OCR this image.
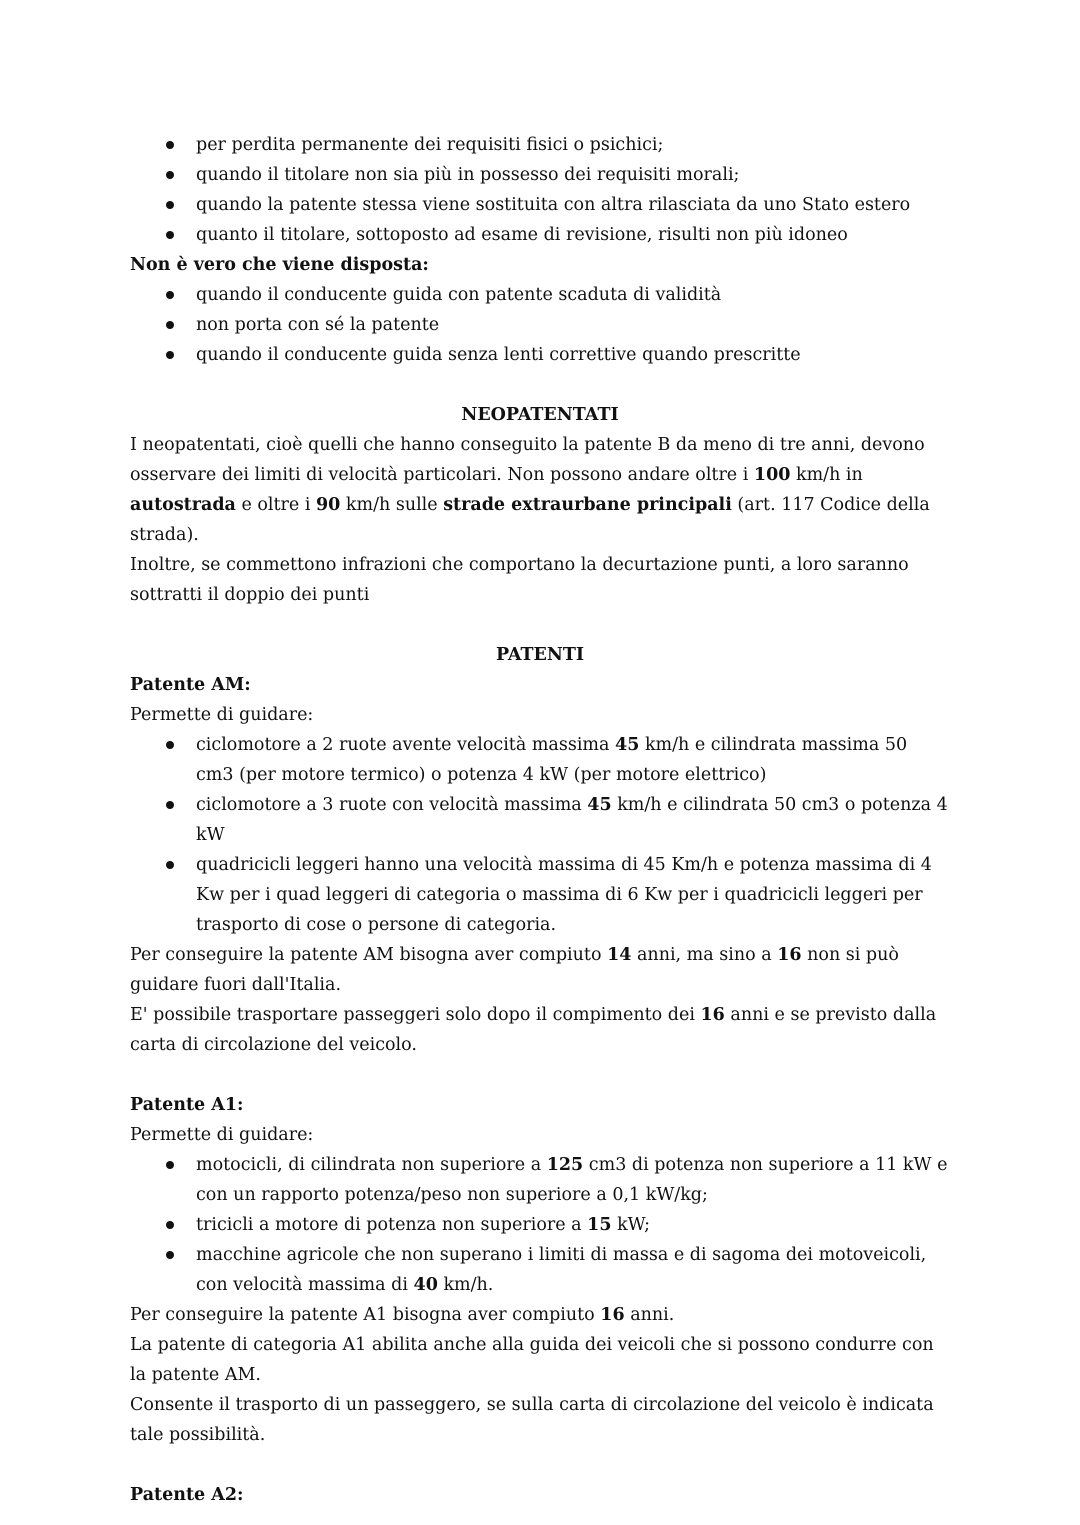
per perdita permanente dei requisiti fisici o psichici;
quando il titolare non sia più in possesso dei requisiti morali;
quando la patente stessa viene sostituita con altra rilasciata da uno Stato estero
quanto il titolare, sottoposto ad esame di revisione, risulti non più idoneo

Non è vero che viene disposta:

quando il conducente guida con patente scaduta di validità
non porta con sé la patente
quando il conducente guida senza lenti correttive quando prescritte

NEOPATENTATI

I neopatentati, cioè quelli che hanno conseguito la patente B da meno di tre anni, devono osservare dei limiti di velocità particolari. Non possono andare oltre i 100 km/h in autostrada e oltre i 90 km/h sulle strade extraurbane principali (art. 117 Codice della strada).

Inoltre, se commettono infrazioni che comportano la decurtazione punti, a loro saranno sottratti il doppio dei punti

PATENTI

Patente AM:

Permette di guidare:

ciclomotore a 2 ruote avente velocità massima 45 km/h e cilindrata massima 50 cm3 (per motore termico) o potenza 4 kW (per motore elettrico)
ciclomotore a 3 ruote con velocità massima 45 km/h e cilindrata 50 cm3 o potenza 4 kW
quadricicli leggeri hanno una velocità massima di 45 Km/h e potenza massima di 4 Kw per i quad leggeri di categoria o massima di 6 Kw per i quadricicli leggeri per trasporto di cose o persone di categoria.

Per conseguire la patente AM bisogna aver compiuto 14 anni, ma sino a 16 non si può guidare fuori dall'Italia.

E' possibile trasportare passeggeri solo dopo il compimento dei 16 anni e se previsto dalla carta di circolazione del veicolo.

Patente A1:

Permette di guidare:

motocicli, di cilindrata non superiore a 125 cm3 di potenza non superiore a 11 kW e con un rapporto potenza/peso non superiore a 0,1 kW/kg;
tricicli a motore di potenza non superiore a 15 kW;
macchine agricole che non superano i limiti di massa e di sagoma dei motoveicoli, con velocità massima di 40 km/h.

Per conseguire la patente A1 bisogna aver compiuto 16 anni.

La patente di categoria A1 abilita anche alla guida dei veicoli che si possono condurre con la patente AM.

Consente il trasporto di un passeggero, se sulla carta di circolazione del veicolo è indicata tale possibilità.

Patente A2:
